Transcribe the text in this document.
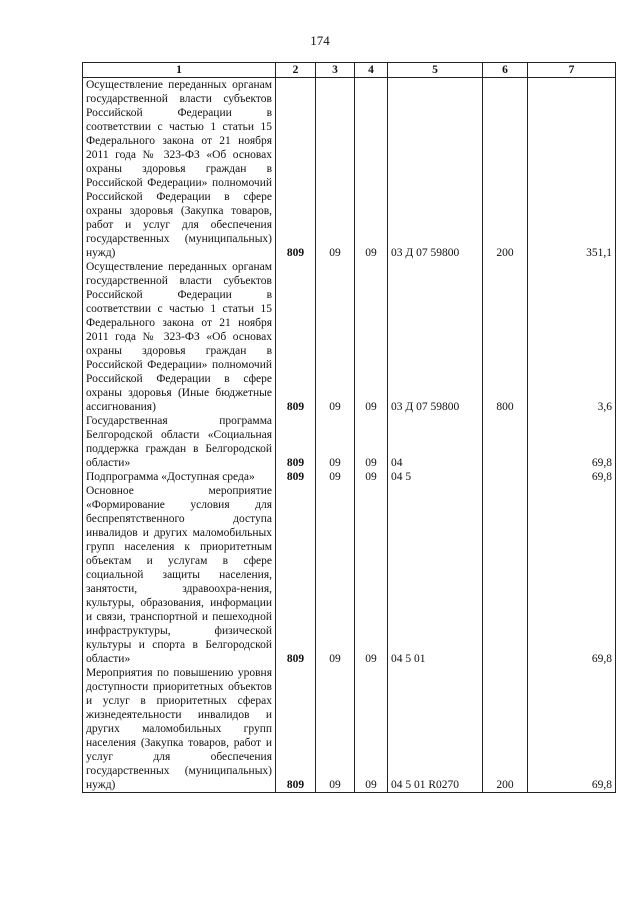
174
1	2	3	4	5	6	7
Осуществление переданных органам государственной власти субъектов Российской Федерации в соответствии с частью 1 статьи 15 Федерального закона от 21 ноября 2011 года № 323-ФЗ «Об основах охраны здоровья граждан в Российской Федерации» полномочий Российской Федерации в сфере охраны здоровья (Закупка товаров, работ и услуг для обеспечения государственных (муниципальных) нужд)	809	09	09	03 Д 07 59800	200	351,1
Осуществление переданных органам государственной власти субъектов Российской Федерации в соответствии с частью 1 статьи 15 Федерального закона от 21 ноября 2011 года № 323-ФЗ «Об основах охраны здоровья граждан в Российской Федерации» полномочий Российской Федерации в сфере охраны здоровья (Иные бюджетные ассигнования)	809	09	09	03 Д 07 59800	800	3,6
Государственная программа Белгородской области «Социальная поддержка граждан в Белгородской области»	809	09	09	04		69,8
Подпрограмма «Доступная среда»	809	09	09	04 5		69,8
Основное мероприятие «Формирование условия для беспрепятственного доступа инвалидов и других маломобильных групп населения к приоритетным объектам и услугам в сфере социальной защиты населения, занятости, здравоохра-нения, культуры, образования, информации и связи, транспортной и пешеходной инфраструктуры, физической культуры и спорта в Белгородской области»	809	09	09	04 5 01		69,8
Мероприятия по повышению уровня доступности приоритетных объектов и услуг в приоритетных сферах жизнедеятельности инвалидов и других маломобильных групп населения (Закупка товаров, работ и услуг для обеспечения государственных (муниципальных) нужд)	809	09	09	04 5 01 R0270	200	69,8
